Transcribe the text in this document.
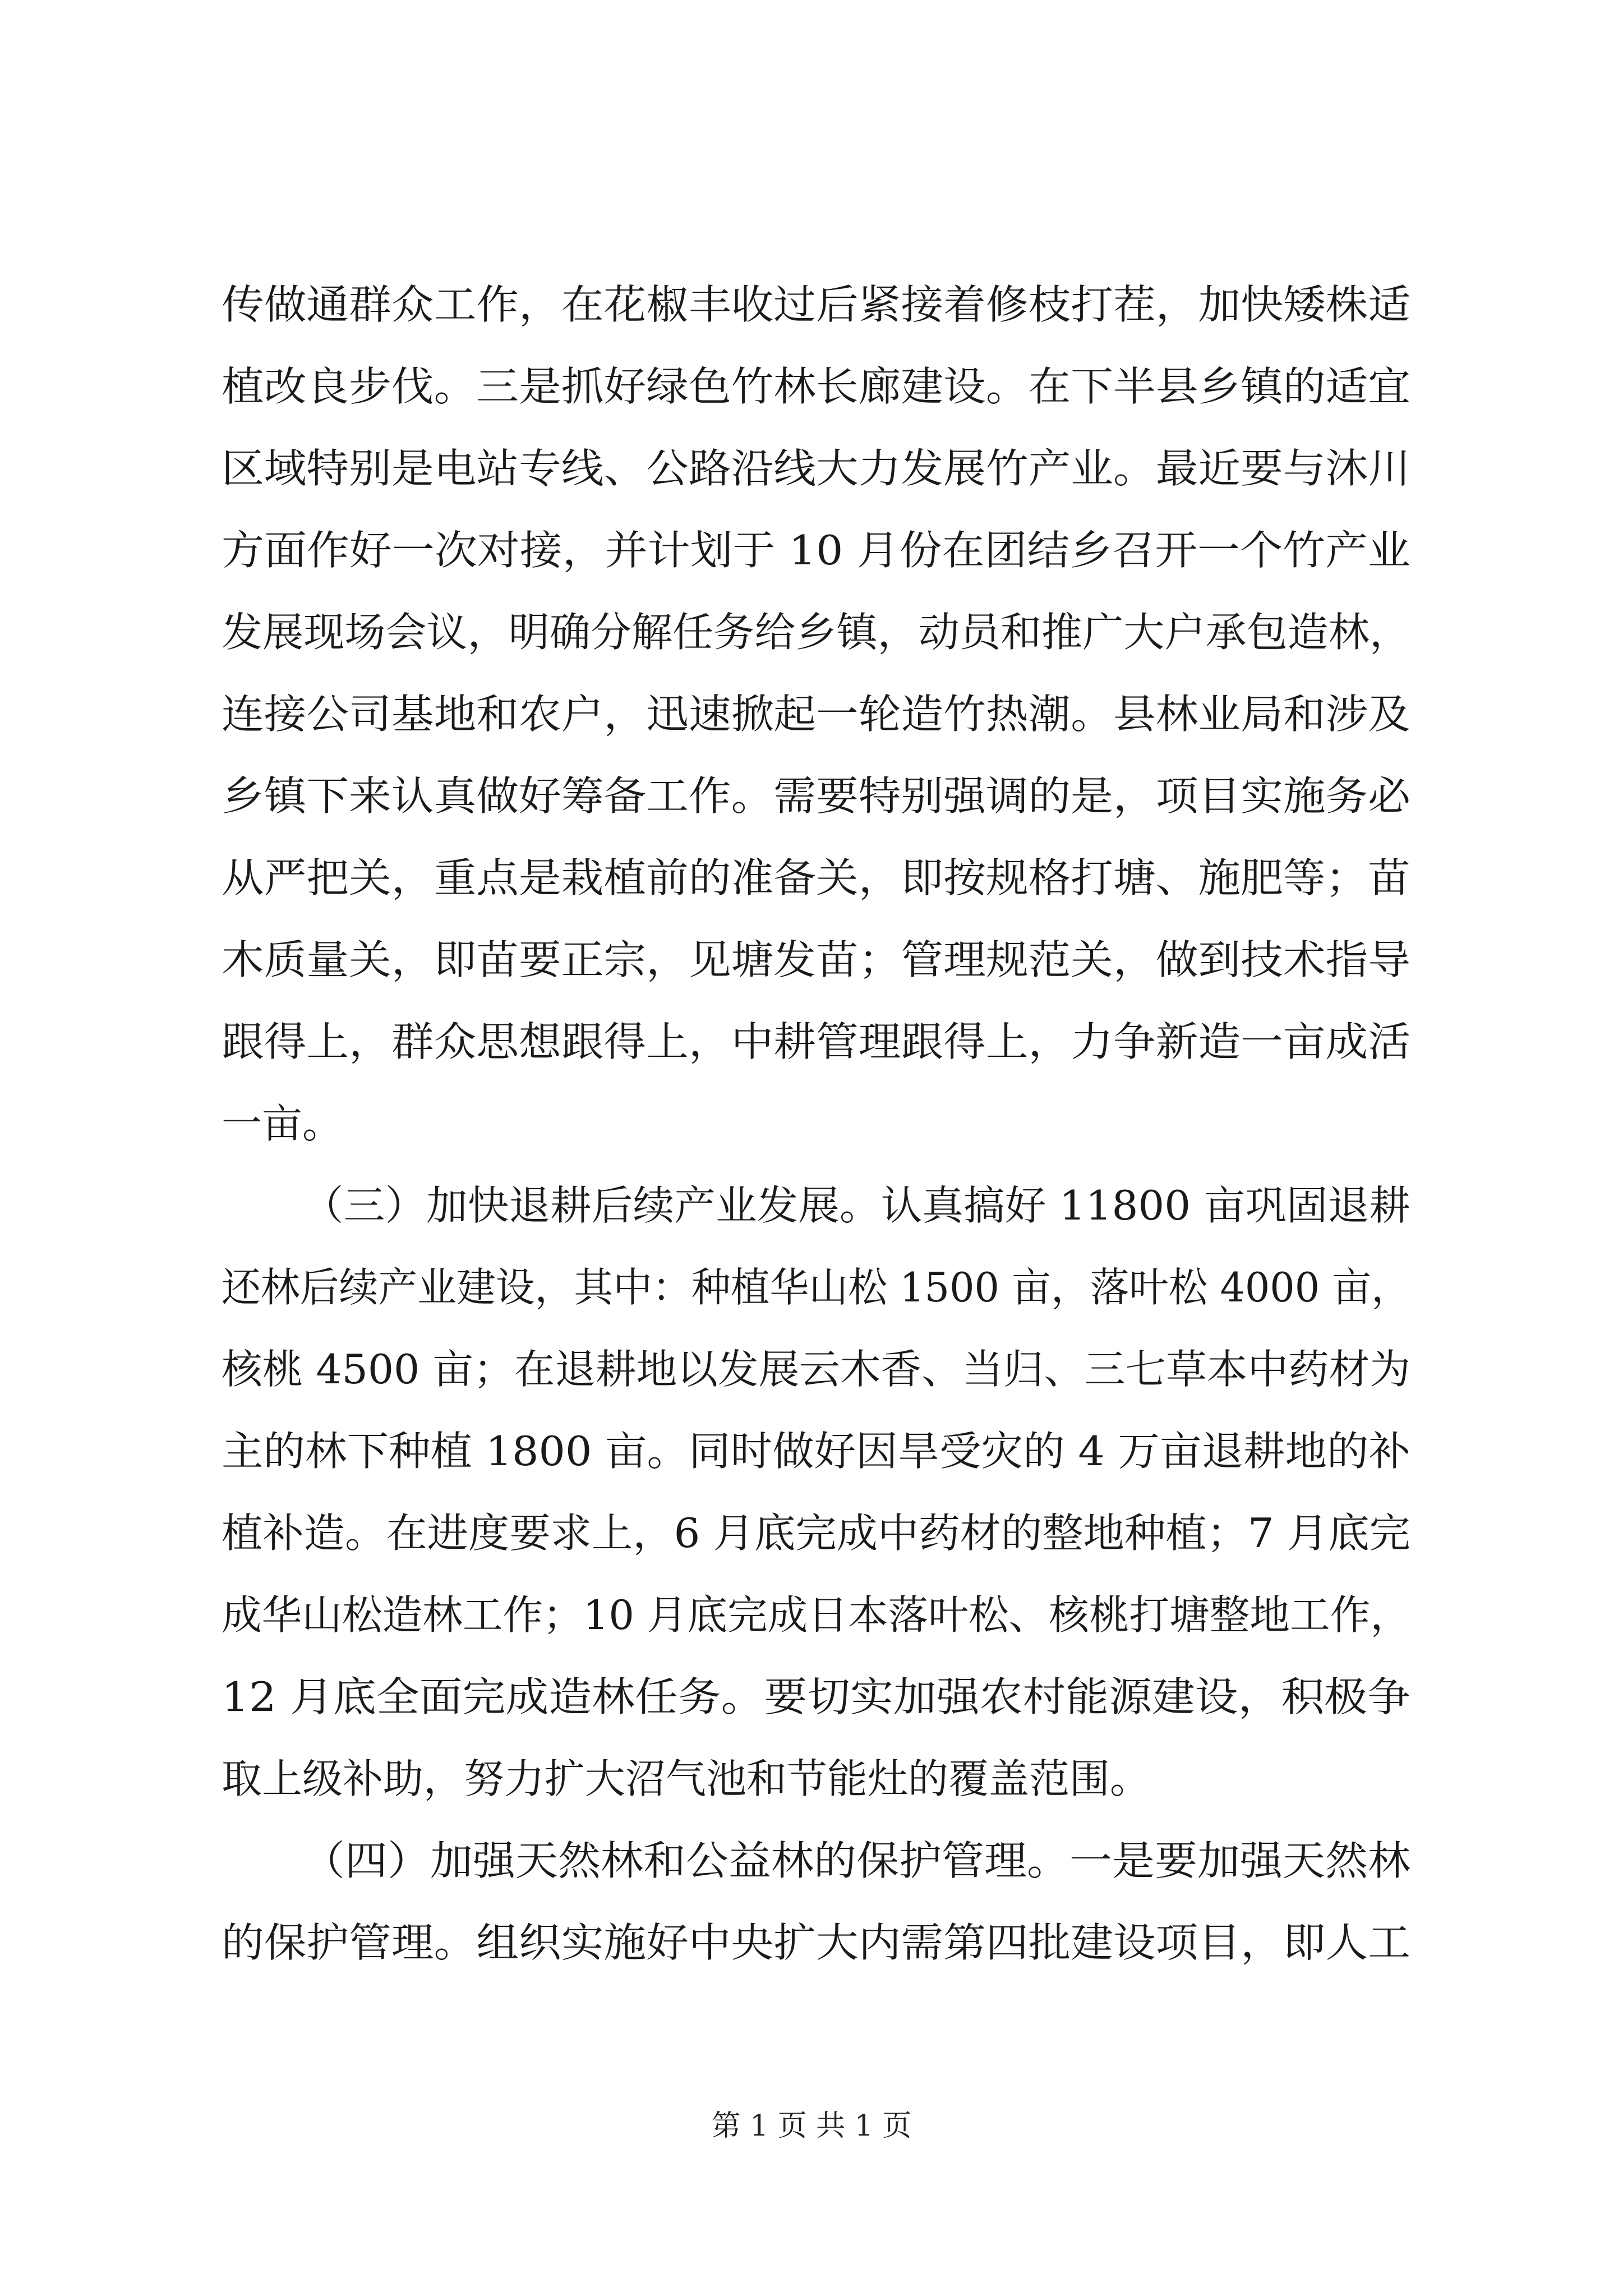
传做通群众工作，在花椒丰收过后紧接着修枝打茬，加快矮株适
植改良步伐。三是抓好绿色竹林长廊建设。在下半县乡镇的适宜
区域特别是电站专线、公路沿线大力发展竹产业。最近要与沐川
方面作好一次对接，并计划于 10 月份在团结乡召开一个竹产业
发展现场会议，明确分解任务给乡镇，动员和推广大户承包造林，
连接公司基地和农户，迅速掀起一轮造竹热潮。县林业局和涉及
乡镇下来认真做好筹备工作。需要特别强调的是，项目实施务必
从严把关，重点是栽植前的准备关，即按规格打塘、施肥等；苗
木质量关，即苗要正宗，见塘发苗；管理规范关，做到技术指导
跟得上，群众思想跟得上，中耕管理跟得上，力争新造一亩成活
一亩。
（三）加快退耕后续产业发展。认真搞好 11800 亩巩固退耕
还林后续产业建设，其中：种植华山松 1500 亩，落叶松 4000 亩，
核桃 4500 亩；在退耕地以发展云木香、当归、三七草本中药材为
主的林下种植 1800 亩。同时做好因旱受灾的 4 万亩退耕地的补
植补造。在进度要求上，6 月底完成中药材的整地种植；7 月底完
成华山松造林工作；10 月底完成日本落叶松、核桃打塘整地工作，
12 月底全面完成造林任务。要切实加强农村能源建设，积极争
取上级补助，努力扩大沼气池和节能灶的覆盖范围。
（四）加强天然林和公益林的保护管理。一是要加强天然林
的保护管理。组织实施好中央扩大内需第四批建设项目，即人工
第 1 页 共 1 页
